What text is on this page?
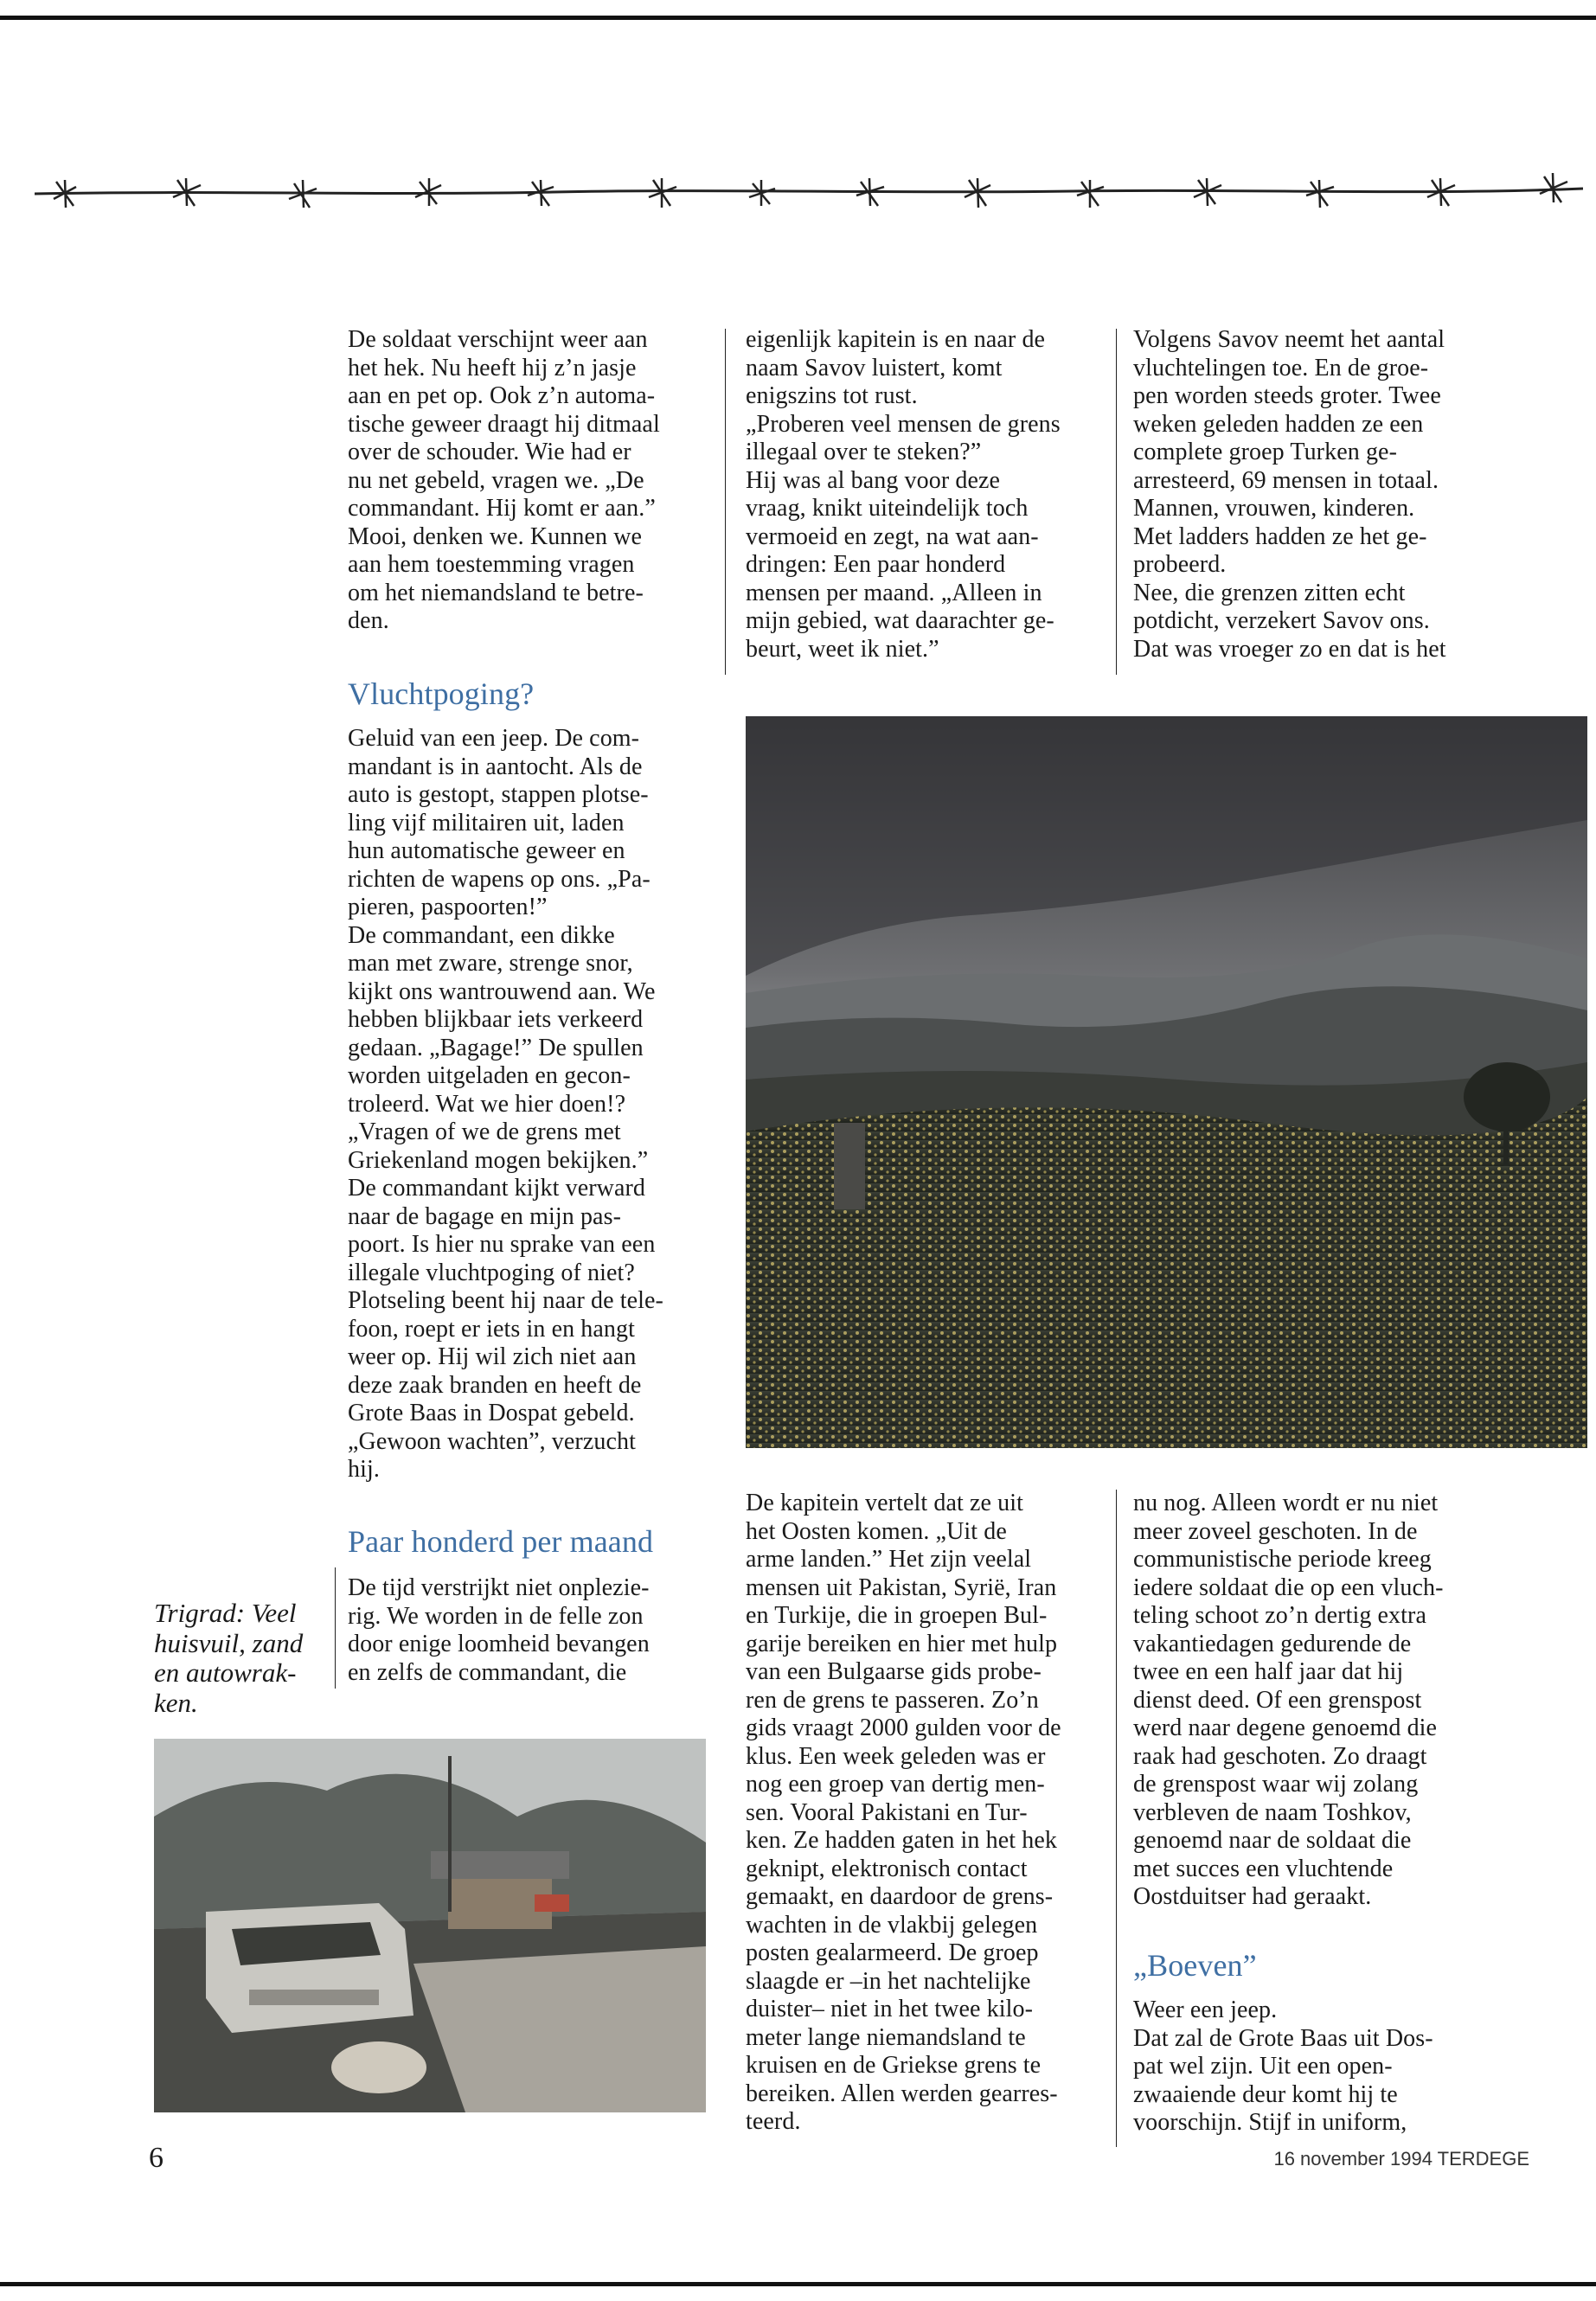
De soldaat verschijnt weer aan
het hek. Nu heeft hij z’n jasje
aan en pet op. Ook z’n automa-
tische geweer draagt hij ditmaal
over de schouder. Wie had er
nu net gebeld, vragen we. „De
commandant. Hij komt er aan.”
Mooi, denken we. Kunnen we
aan hem toestemming vragen
om het niemandsland te betre-
den.

Vluchtpoging?

Geluid van een jeep. De com-
mandant is in aantocht. Als de
auto is gestopt, stappen plotse-
ling vijf militairen uit, laden
hun automatische geweer en
richten de wapens op ons. „Pa-
pieren, paspoorten!”
De commandant, een dikke
man met zware, strenge snor,
kijkt ons wantrouwend aan. We
hebben blijkbaar iets verkeerd
gedaan. „Bagage!” De spullen
worden uitgeladen en gecon-
troleerd. Wat we hier doen!?
„Vragen of we de grens met
Griekenland mogen bekijken.”
De commandant kijkt verward
naar de bagage en mijn pas-
poort. Is hier nu sprake van een
illegale vluchtpoging of niet?
Plotseling beent hij naar de tele-
foon, roept er iets in en hangt
weer op. Hij wil zich niet aan
deze zaak branden en heeft de
Grote Baas in Dospat gebeld.
„Gewoon wachten”, verzucht
hij.

Paar honderd per maand

De tijd verstrijkt niet onplezie-
rig. We worden in de felle zon
door enige loomheid bevangen
en zelfs de commandant, die

eigenlijk kapitein is en naar de
naam Savov luistert, komt
enigszins tot rust.
„Proberen veel mensen de grens
illegaal over te steken?”
Hij was al bang voor deze
vraag, knikt uiteindelijk toch
vermoeid en zegt, na wat aan-
dringen: Een paar honderd
mensen per maand. „Alleen in
mijn gebied, wat daarachter ge-
beurt, weet ik niet.”

De kapitein vertelt dat ze uit
het Oosten komen. „Uit de
arme landen.” Het zijn veelal
mensen uit Pakistan, Syrië, Iran
en Turkije, die in groepen Bul-
garije bereiken en hier met hulp
van een Bulgaarse gids probe-
ren de grens te passeren. Zo’n
gids vraagt 2000 gulden voor de
klus. Een week geleden was er
nog een groep van dertig men-
sen. Vooral Pakistani en Tur-
ken. Ze hadden gaten in het hek
geknipt, elektronisch contact
gemaakt, en daardoor de grens-
wachten in de vlakbij gelegen
posten gealarmeerd. De groep
slaagde er –in het nachtelijke
duister– niet in het twee kilo-
meter lange niemandsland te
kruisen en de Griekse grens te
bereiken. Allen werden gearres-
teerd.

Volgens Savov neemt het aantal
vluchtelingen toe. En de groe-
pen worden steeds groter. Twee
weken geleden hadden ze een
complete groep Turken ge-
arresteerd, 69 mensen in totaal.
Mannen, vrouwen, kinderen.
Met ladders hadden ze het ge-
probeerd.
Nee, die grenzen zitten echt
potdicht, verzekert Savov ons.
Dat was vroeger zo en dat is het

nu nog. Alleen wordt er nu niet
meer zoveel geschoten. In de
communistische periode kreeg
iedere soldaat die op een vluch-
teling schoot zo’n dertig extra
vakantiedagen gedurende de
twee en een half jaar dat hij
dienst deed. Of een grenspost
werd naar degene genoemd die
raak had geschoten. Zo draagt
de grenspost waar wij zolang
verbleven de naam Toshkov,
genoemd naar de soldaat die
met succes een vluchtende
Oostduitser had geraakt.

„Boeven”

Weer een jeep.
Dat zal de Grote Baas uit Dos-
pat wel zijn. Uit een open-
zwaaiende deur komt hij te
voorschijn. Stijf in uniform,

Trigrad: Veel
huisvuil, zand
en autowrak-
ken.
6	16 november 1994 TERDEGE
